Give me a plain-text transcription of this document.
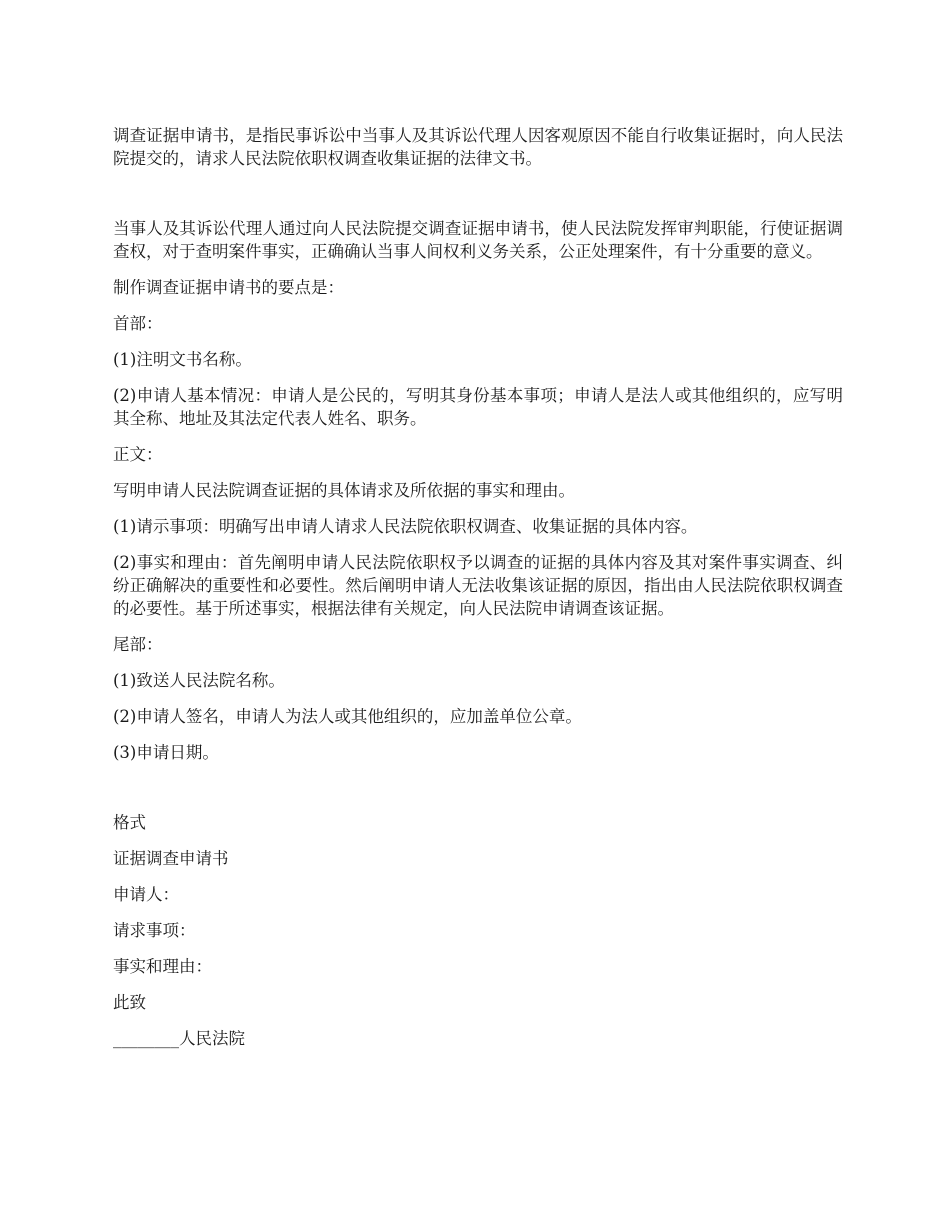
调查证据申请书，是指民事诉讼中当事人及其诉讼代理人因客观原因不能自行收集证据时，向人民法院提交的，请求人民法院依职权调查收集证据的法律文书。

当事人及其诉讼代理人通过向人民法院提交调查证据申请书，使人民法院发挥审判职能，行使证据调查权，对于查明案件事实，正确确认当事人间权利义务关系，公正处理案件，有十分重要的意义。

制作调查证据申请书的要点是：

首部：

(1)注明文书名称。

(2)申请人基本情况：申请人是公民的，写明其身份基本事项；申请人是法人或其他组织的，应写明其全称、地址及其法定代表人姓名、职务。

正文：

写明申请人民法院调查证据的具体请求及所依据的事实和理由。

(1)请示事项：明确写出申请人请求人民法院依职权调查、收集证据的具体内容。

(2)事实和理由：首先阐明申请人民法院依职权予以调查的证据的具体内容及其对案件事实调查、纠纷正确解决的重要性和必要性。然后阐明申请人无法收集该证据的原因，指出由人民法院依职权调查的必要性。基于所述事实，根据法律有关规定，向人民法院申请调查该证据。

尾部：

(1)致送人民法院名称。

(2)申请人签名，申请人为法人或其他组织的，应加盖单位公章。

(3)申请日期。

格式

证据调查申请书

申请人：

请求事项：

事实和理由：

此致

________人民法院
